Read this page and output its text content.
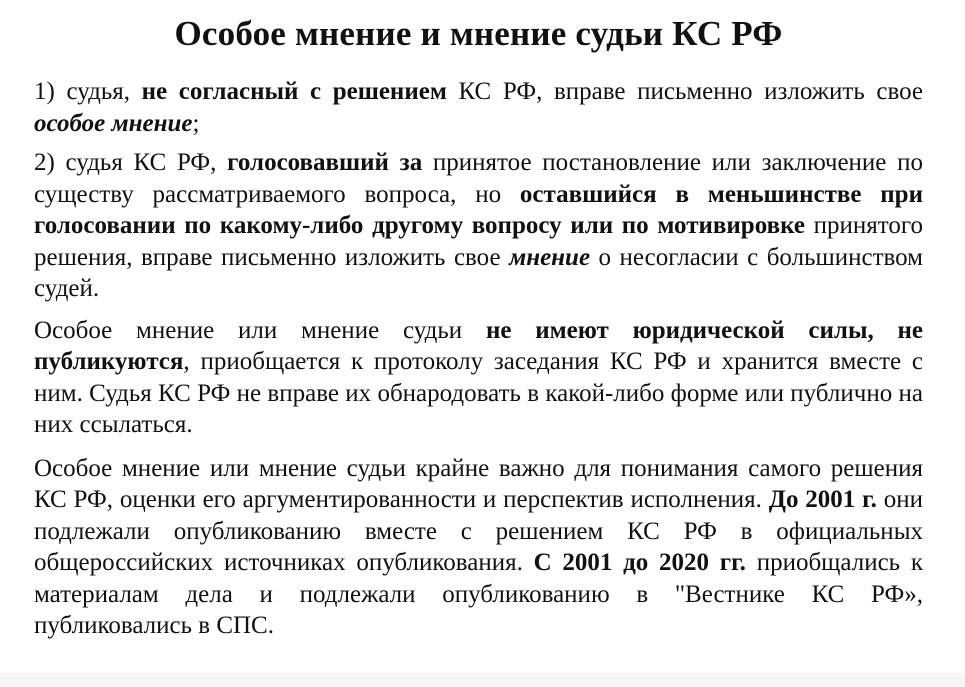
Особое мнение и мнение судьи КС РФ

1) судья, не согласный с решением КС РФ, вправе письменно изложить свое особое мнение;

2) судья КС РФ, голосовавший за принятое постановление или заключение по существу рассматриваемого вопроса, но оставшийся в меньшинстве при голосовании по какому-либо другому вопросу или по мотивировке принятого решения, вправе письменно изложить свое мнение о несогласии с большинством судей.

Особое мнение или мнение судьи не имеют юридической силы, не публикуются, приобщается к протоколу заседания КС РФ и хранится вместе с ним. Судья КС РФ не вправе их обнародовать в какой-либо форме или публично на них ссылаться.

Особое мнение или мнение судьи крайне важно для понимания самого решения КС РФ, оценки его аргументированности и перспектив исполнения. До 2001 г. они подлежали опубликованию вместе с решением КС РФ в официальных общероссийских источниках опубликования. С 2001 до 2020 гг. приобщались к материалам дела и подлежали опубликованию в "Вестнике КС РФ», публиковались в СПС.
